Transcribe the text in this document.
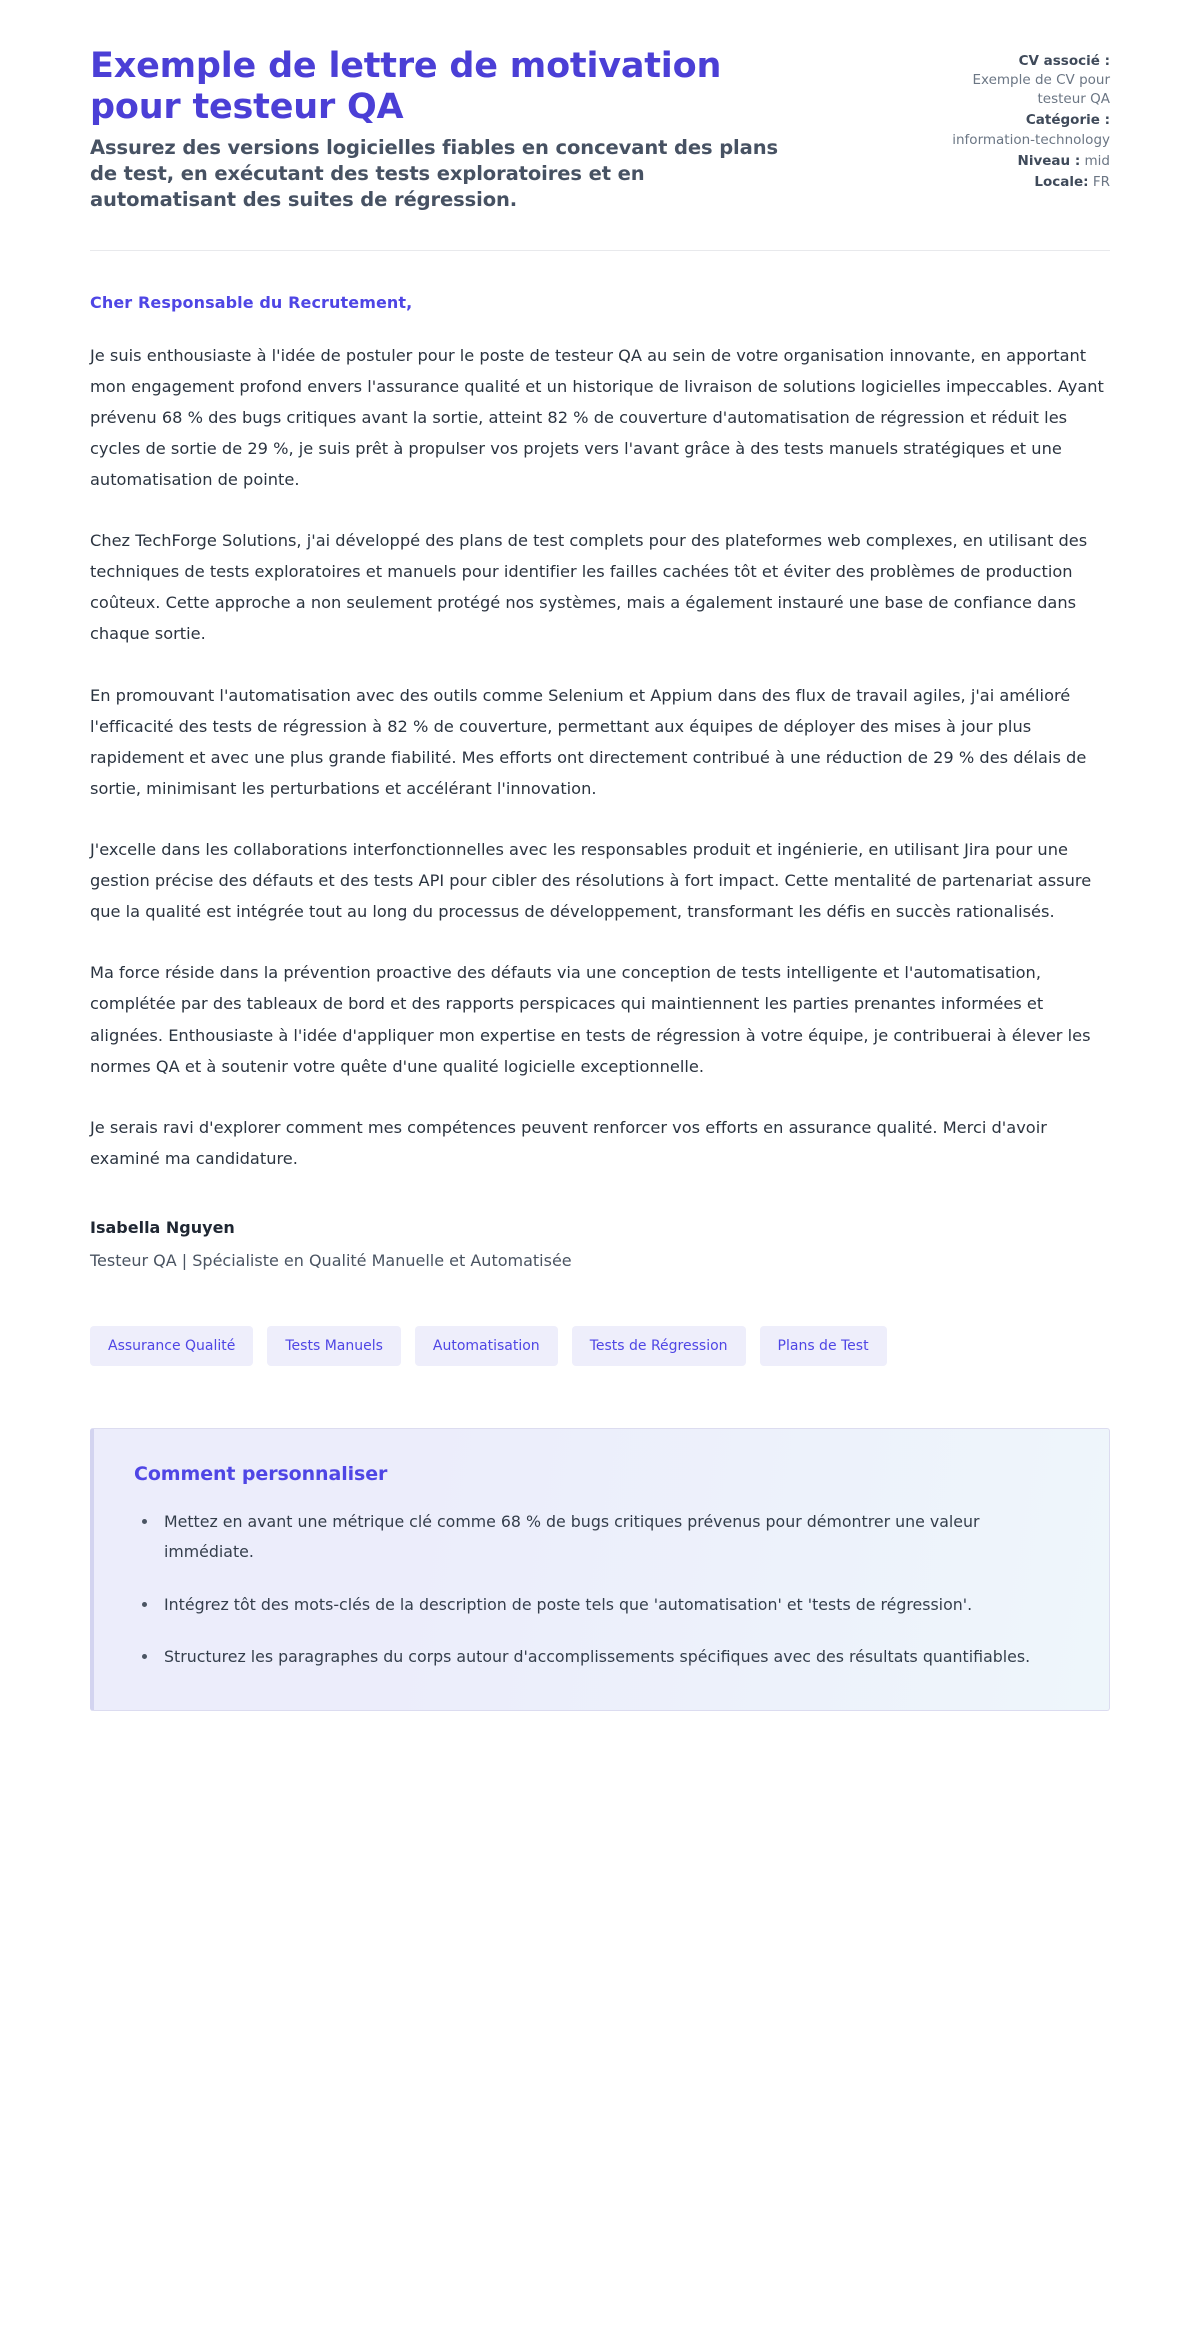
Exemple de lettre de motivation pour testeur QA

Assurez des versions logicielles fiables en concevant des plans de test, en exécutant des tests exploratoires et en automatisant des suites de régression.

CV associé :
Exemple de CV pour testeur QA
Catégorie :
information-technology
Niveau : mid
Locale: FR

Cher Responsable du Recrutement,

Je suis enthousiaste à l'idée de postuler pour le poste de testeur QA au sein de votre organisation innovante, en apportant mon engagement profond envers l'assurance qualité et un historique de livraison de solutions logicielles impeccables. Ayant prévenu 68 % des bugs critiques avant la sortie, atteint 82 % de couverture d'automatisation de régression et réduit les cycles de sortie de 29 %, je suis prêt à propulser vos projets vers l'avant grâce à des tests manuels stratégiques et une automatisation de pointe.

Chez TechForge Solutions, j'ai développé des plans de test complets pour des plateformes web complexes, en utilisant des techniques de tests exploratoires et manuels pour identifier les failles cachées tôt et éviter des problèmes de production coûteux. Cette approche a non seulement protégé nos systèmes, mais a également instauré une base de confiance dans chaque sortie.

En promouvant l'automatisation avec des outils comme Selenium et Appium dans des flux de travail agiles, j'ai amélioré l'efficacité des tests de régression à 82 % de couverture, permettant aux équipes de déployer des mises à jour plus rapidement et avec une plus grande fiabilité. Mes efforts ont directement contribué à une réduction de 29 % des délais de sortie, minimisant les perturbations et accélérant l'innovation.

J'excelle dans les collaborations interfonctionnelles avec les responsables produit et ingénierie, en utilisant Jira pour une gestion précise des défauts et des tests API pour cibler des résolutions à fort impact. Cette mentalité de partenariat assure que la qualité est intégrée tout au long du processus de développement, transformant les défis en succès rationalisés.

Ma force réside dans la prévention proactive des défauts via une conception de tests intelligente et l'automatisation, complétée par des tableaux de bord et des rapports perspicaces qui maintiennent les parties prenantes informées et alignées. Enthousiaste à l'idée d'appliquer mon expertise en tests de régression à votre équipe, je contribuerai à élever les normes QA et à soutenir votre quête d'une qualité logicielle exceptionnelle.

Je serais ravi d'explorer comment mes compétences peuvent renforcer vos efforts en assurance qualité. Merci d'avoir examiné ma candidature.

Isabella Nguyen

Testeur QA | Spécialiste en Qualité Manuelle et Automatisée

Assurance Qualité	Tests Manuels	Automatisation	Tests de Régression	Plans de Test
Comment personnaliser
Mettez en avant une métrique clé comme 68 % de bugs critiques prévenus pour démontrer une valeur immédiate.
Intégrez tôt des mots-clés de la description de poste tels que 'automatisation' et 'tests de régression'.
Structurez les paragraphes du corps autour d'accomplissements spécifiques avec des résultats quantifiables.
